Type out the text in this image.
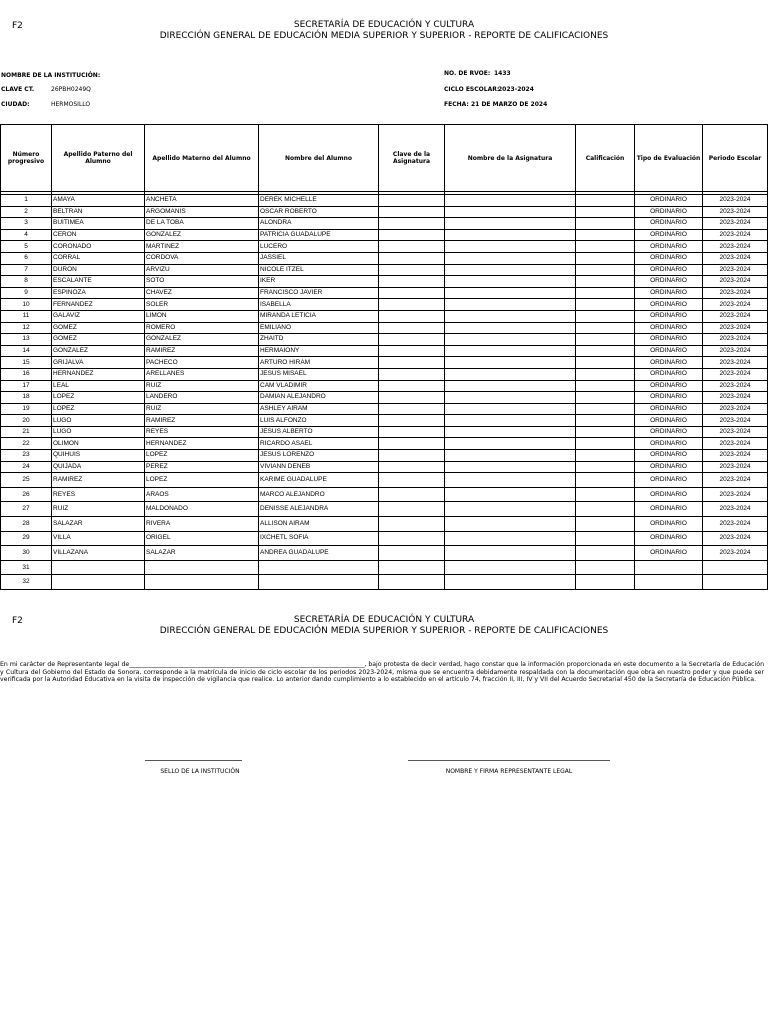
F2	SECRETARÍA DE EDUCACIÓN Y CULTURA
DIRECCIÓN GENERAL DE EDUCACIÓN MEDIA SUPERIOR Y SUPERIOR - REPORTE DE CALIFICACIONES
NOMBRE DE LA INSTITUCIÓN:
CLAVE CT.	26PBH0249Q
CIUDAD:	HERMOSILLO
NO. DE RVOE: 1433
CICLO ESCOLAR:
2023-2024
FECHA: 21 DE MARZO DE 2024
Número progresivo	Apellido Paterno del Alumno	Apellido Materno del Alumno	Nombre del Alumno	Clave de la Asignatura	Nombre de la Asignatura	Calificación	Tipo de Evaluación	Periodo Escolar

1	AMAYA	ANCHETA	DEREK MICHELLE				ORDINARIO	2023-2024
2	BELTRAN	ARGOMANIS	OSCAR ROBERTO				ORDINARIO	2023-2024
3	BUITIMEA	DE LA TOBA	ALONDRA				ORDINARIO	2023-2024
4	CERON	GONZALEZ	PATRICIA GUADALUPE				ORDINARIO	2023-2024
5	CORONADO	MARTINEZ	LUCERO				ORDINARIO	2023-2024
6	CORRAL	CORDOVA	JASSIEL				ORDINARIO	2023-2024
7	DURON	ARVIZU	NICOLE ITZEL				ORDINARIO	2023-2024
8	ESCALANTE	SOTO	IKER				ORDINARIO	2023-2024
9	ESPINOZA	CHAVEZ	FRANCISCO JAVIER				ORDINARIO	2023-2024
10	FERNANDEZ	SOLER	ISABELLA				ORDINARIO	2023-2024
11	GALAVIZ	LIMON	MIRANDA LETICIA				ORDINARIO	2023-2024
12	GOMEZ	ROMERO	EMILIANO				ORDINARIO	2023-2024
13	GOMEZ	GONZALEZ	ZHAITD				ORDINARIO	2023-2024
14	GONZALEZ	RAMIREZ	HERMAIONY				ORDINARIO	2023-2024
15	GRIJALVA	PACHECO	ARTURO HIRAM				ORDINARIO	2023-2024
16	HERNANDEZ	ARELLANES	JESUS MISAEL				ORDINARIO	2023-2024
17	LEAL	RUIZ	CAM VLADIMIR				ORDINARIO	2023-2024
18	LOPEZ	LANDERO	DAMIAN ALEJANDRO				ORDINARIO	2023-2024
19	LOPEZ	RUIZ	ASHLEY AIRAM				ORDINARIO	2023-2024
20	LUGO	RAMIREZ	LUIS ALFONZO				ORDINARIO	2023-2024
21	LUGO	REYES	JESUS ALBERTO				ORDINARIO	2023-2024
22	OLIMON	HERNANDEZ	RICARDO ASAEL				ORDINARIO	2023-2024
23	QUIHUIS	LOPEZ	JESUS LORENZO				ORDINARIO	2023-2024
24	QUIJADA	PEREZ	VIVIANN DENEB				ORDINARIO	2023-2024
25	RAMIREZ	LOPEZ	KARIME GUADALUPE				ORDINARIO	2023-2024
26	REYES	ARAOS	MARCO ALEJANDRO				ORDINARIO	2023-2024
27	RUIZ	MALDONADO	DENISSE ALEJANDRA				ORDINARIO	2023-2024
28	SALAZAR	RIVERA	ALLISON AIRAM				ORDINARIO	2023-2024
29	VILLA	ORIGEL	IXCHETL SOFIA				ORDINARIO	2023-2024
30	VILLAZANA	SALAZAR	ANDREA GUADALUPE				ORDINARIO	2023-2024
31								
32								
F2	SECRETARÍA DE EDUCACIÓN Y CULTURA
DIRECCIÓN GENERAL DE EDUCACIÓN MEDIA SUPERIOR Y SUPERIOR - REPORTE DE CALIFICACIONES
En mi carácter de Representante legal de____________________________________________________________________________, bajo protesta de decir verdad, hago constar que la información proporcionada en este documento a la Secretaría de Educación y Cultura del Gobierno del Estado de Sonora, corresponde a la matrícula de inicio de ciclo escolar de los periodos 2023-2024, misma que se encuentra debidamente respaldada con la documentación que obra en nuestro poder y que puede ser verificada por la Autoridad Educativa en la visita de inspección de vigilancia que realice. Lo anterior dando cumplimiento a lo establecido en el artículo 74, fracción II, III, IV y VII del Acuerdo Secretarial 450 de la Secretaría de Educación Pública.
SELLO DE LA INSTITUCIÓN	NOMBRE Y FIRMA REPRESENTANTE LEGAL
